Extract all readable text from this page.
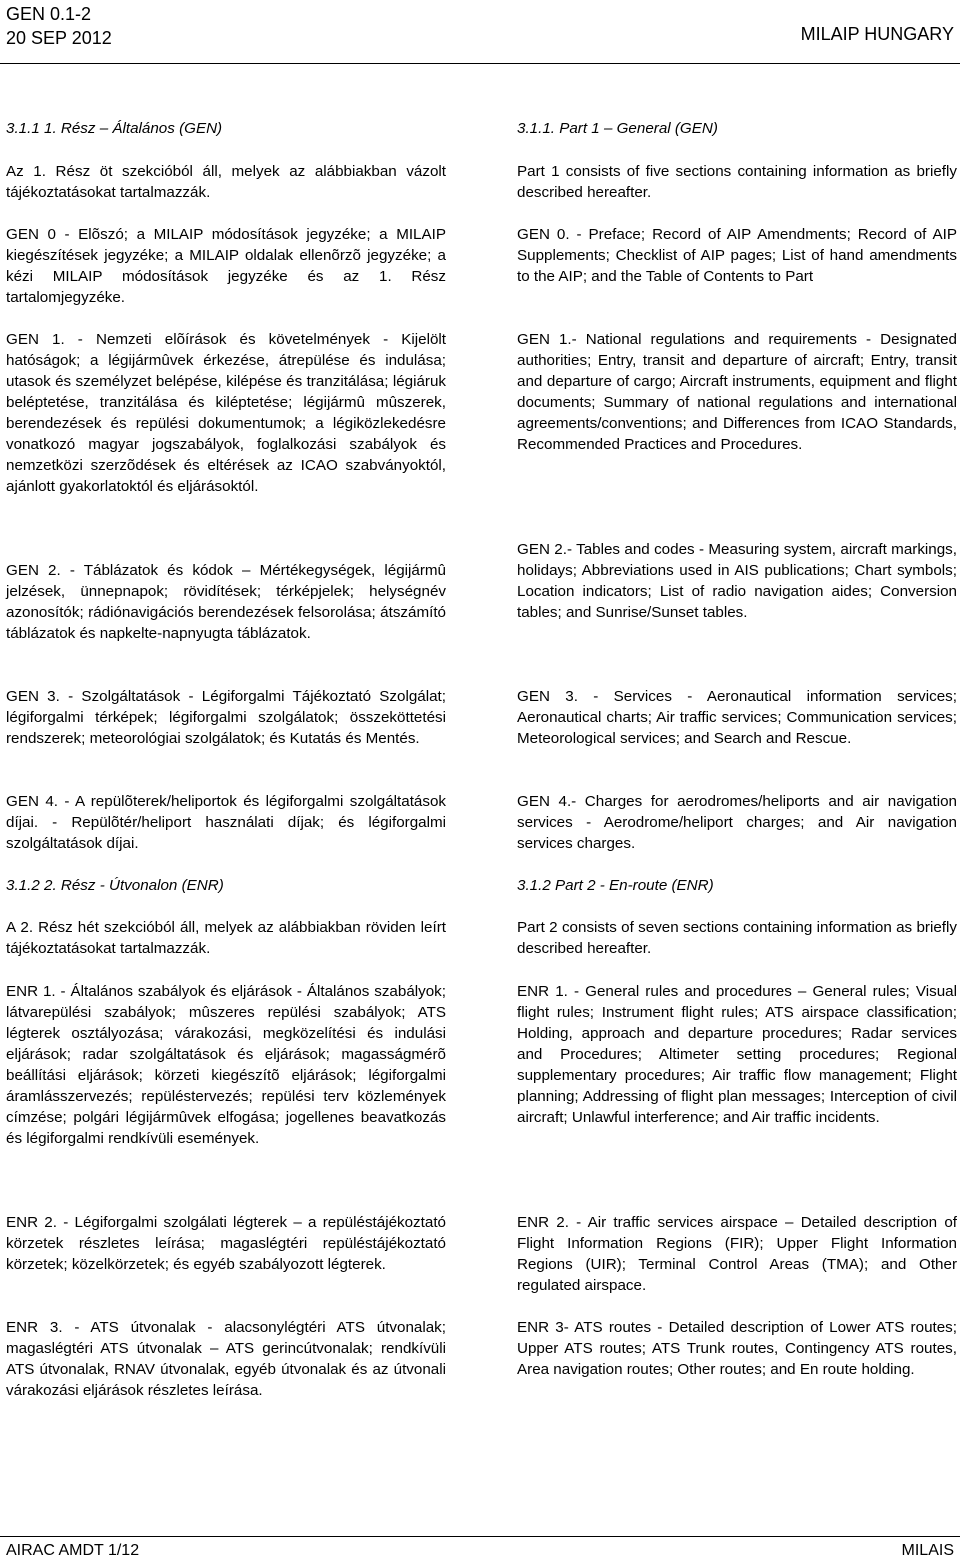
GEN 0.1-2
20 SEP 2012	MILAIP HUNGARY

3.1.1 1. Rész – Általános (GEN)

Az 1. Rész öt szekcióból áll, melyek az alábbiakban vázolt tájékoztatásokat tartalmazzák.

GEN 0 - Elõszó; a MILAIP módosítások jegyzéke; a MILAIP kiegészítések jegyzéke; a MILAIP oldalak ellenõrzõ jegyzéke; a kézi MILAIP módosítások jegyzéke és az 1. Rész tartalomjegyzéke.

GEN 1. - Nemzeti elõírások és követelmények - Kijelölt hatóságok; a légijármûvek érkezése, átrepülése és indulása; utasok és személyzet belépése, kilépése és tranzitálása; légiáruk beléptetése, tranzitálása és kiléptetése; légijármû mûszerek, berendezések és repülési dokumentumok; a légiközlekedésre vonatkozó magyar jogszabályok, foglalkozási szabályok és nemzetközi szerzõdések és eltérések az ICAO szabványoktól, ajánlott gyakorlatoktól és eljárásoktól.

GEN 2. - Táblázatok és kódok – Mértékegységek, légijármû jelzések, ünnepnapok; rövidítések; térképjelek; helységnév azonosítók; rádiónavigációs berendezések felsorolása; átszámító táblázatok és napkelte-napnyugta táblázatok.

GEN 3. - Szolgáltatások - Légiforgalmi Tájékoztató Szolgálat; légiforgalmi térképek; légiforgalmi szolgálatok; összeköttetési rendszerek; meteorológiai szolgálatok; és Kutatás és Mentés.

GEN 4. - A repülõterek/heliportok és légiforgalmi szolgáltatások díjai. - Repülõtér/heliport használati díjak; és légiforgalmi szolgáltatások díjai.

3.1.2 2. Rész - Útvonalon (ENR)

A 2. Rész hét szekcióból áll, melyek az alábbiakban röviden leírt tájékoztatásokat tartalmazzák.

ENR 1. - Általános szabályok és eljárások - Általános szabályok; látvarepülési szabályok; mûszeres repülési szabályok; ATS légterek osztályozása; várakozási, megközelítési és indulási eljárások; radar szolgáltatások és eljárások; magasságmérõ beállítási eljárások; körzeti kiegészítõ eljárások; légiforgalmi áramlásszervezés; repüléstervezés; repülési terv közlemények címzése; polgári légijármûvek elfogása; jogellenes beavatkozás és légiforgalmi rendkívüli események.

ENR 2. - Légiforgalmi szolgálati légterek – a repüléstájékoztató körzetek részletes leírása; magaslégtéri repüléstájékoztató körzetek; közelkörzetek; és egyéb szabályozott légterek.

ENR 3. - ATS útvonalak - alacsonylégtéri ATS útvonalak; magaslégtéri ATS útvonalak – ATS gerincútvonalak; rendkívüli ATS útvonalak, RNAV útvonalak, egyéb útvonalak és az útvonali várakozási eljárások részletes leírása.

3.1.1. Part 1 – General (GEN)

Part 1 consists of five sections containing information as briefly described hereafter.

GEN 0. - Preface; Record of AIP Amendments; Record of AIP Supplements; Checklist of AIP pages; List of hand amendments to the AIP; and the Table of Contents to Part

GEN 1.- National regulations and requirements - Designated authorities; Entry, transit and departure of aircraft; Entry, transit and departure of cargo; Aircraft instruments, equipment and flight documents; Summary of national regulations and international agreements/conventions; and Differences from ICAO Standards, Recommended Practices and Procedures.

GEN 2.- Tables and codes - Measuring system, aircraft markings, holidays; Abbreviations used in AIS publications; Chart symbols; Location indicators; List of radio navigation aides; Conversion tables; and Sunrise/Sunset tables.

GEN 3. - Services - Aeronautical information services; Aeronautical charts; Air traffic services; Communication services; Meteorological services; and Search and Rescue.

GEN 4.- Charges for aerodromes/heliports and air navigation services - Aerodrome/heliport charges; and Air navigation services charges.

3.1.2 Part 2 - En-route (ENR)

Part 2 consists of seven sections containing information as briefly described hereafter.

ENR 1. - General rules and procedures – General rules; Visual flight rules; Instrument flight rules; ATS airspace classification; Holding, approach and departure procedures; Radar services and Procedures; Altimeter setting procedures; Regional supplementary procedures; Air traffic flow management; Flight planning; Addressing of flight plan messages; Interception of civil aircraft; Unlawful interference; and Air traffic incidents.

ENR 2. - Air traffic services airspace – Detailed description of Flight Information Regions (FIR); Upper Flight Information Regions (UIR); Terminal Control Areas (TMA); and Other regulated airspace.

ENR 3- ATS routes - Detailed description of Lower ATS routes; Upper ATS routes; ATS Trunk routes, Contingency ATS routes, Area navigation routes; Other routes; and En route holding.

AIRAC AMDT 1/12	MILAIS
